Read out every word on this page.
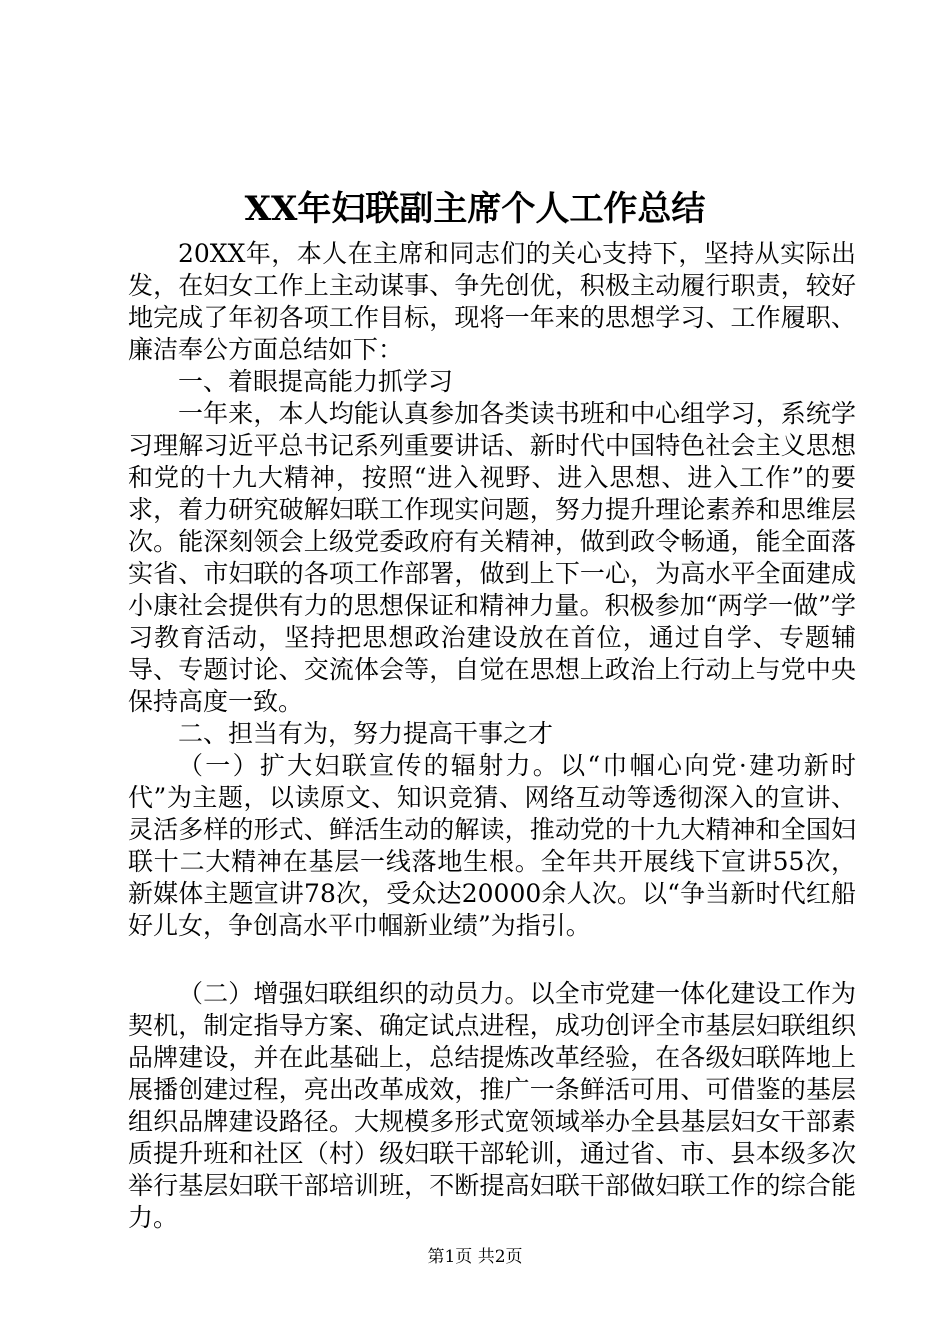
XX年妇联副主席个人工作总结

20XX年，本人在主席和同志们的关心支持下，坚持从实际出发，在妇女工作上主动谋事、争先创优，积极主动履行职责，较好地完成了年初各项工作目标，现将一年来的思想学习、工作履职、廉洁奉公方面总结如下：

一、着眼提高能力抓学习

一年来，本人均能认真参加各类读书班和中心组学习，系统学习理解习近平总书记系列重要讲话、新时代中国特色社会主义思想和党的十九大精神，按照“进入视野、进入思想、进入工作”的要求，着力研究破解妇联工作现实问题，努力提升理论素养和思维层次。能深刻领会上级党委政府有关精神，做到政令畅通，能全面落实省、市妇联的各项工作部署，做到上下一心，为高水平全面建成小康社会提供有力的思想保证和精神力量。积极参加“两学一做”学习教育活动，坚持把思想政治建设放在首位，通过自学、专题辅导、专题讨论、交流体会等，自觉在思想上政治上行动上与党中央保持高度一致。

二、担当有为，努力提高干事之才

（一）扩大妇联宣传的辐射力。以“巾帼心向党·建功新时代”为主题，以读原文、知识竞猜、网络互动等透彻深入的宣讲、灵活多样的形式、鲜活生动的解读，推动党的十九大精神和全国妇联十二大精神在基层一线落地生根。全年共开展线下宣讲55次，新媒体主题宣讲78次，受众达20000余人次。以“争当新时代红船好儿女，争创高水平巾帼新业绩”为指引。

（二）增强妇联组织的动员力。以全市党建一体化建设工作为契机，制定指导方案、确定试点进程，成功创评全市基层妇联组织品牌建设，并在此基础上，总结提炼改革经验，在各级妇联阵地上展播创建过程，亮出改革成效，推广一条鲜活可用、可借鉴的基层组织品牌建设路径。大规模多形式宽领域举办全县基层妇女干部素质提升班和社区（村）级妇联干部轮训，通过省、市、县本级多次举行基层妇联干部培训班，不断提高妇联干部做妇联工作的综合能力。

第1页 共2页
